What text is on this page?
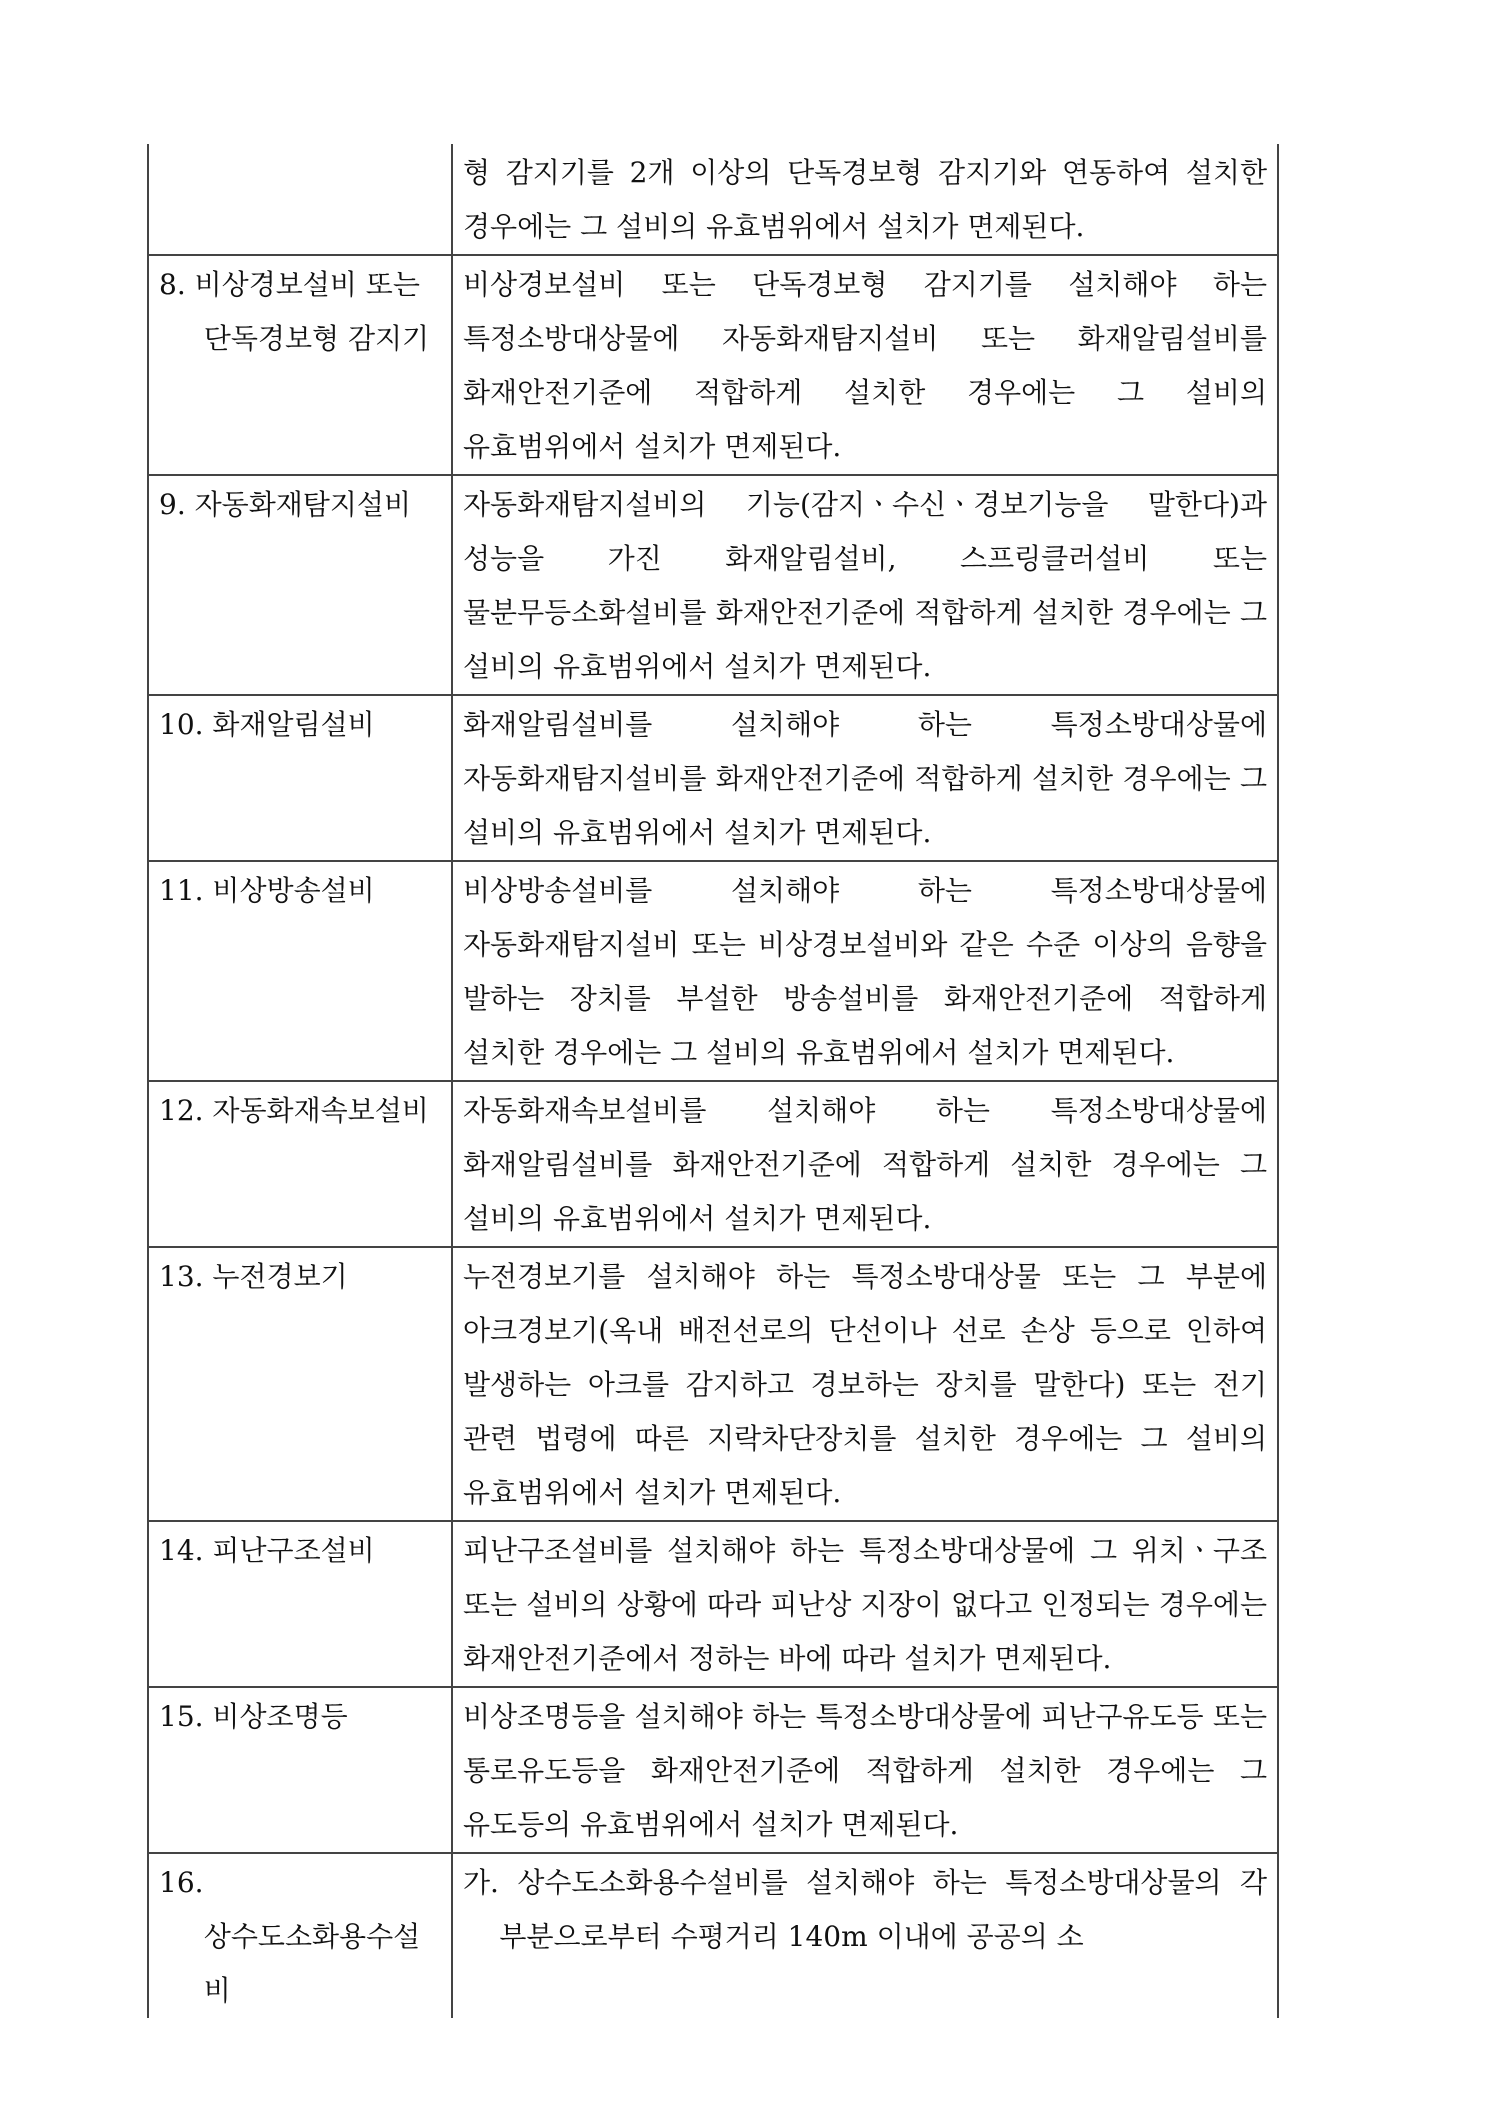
	형 감지기를 2개 이상의 단독경보형 감지기와 연동하여 설치한 경우에는 그 설비의 유효범위에서 설치가 면제된다.

8. 비상경보설비 또는 단독경보형 감지기	비상경보설비 또는 단독경보형 감지기를 설치해야 하는 특정소방대상물에 자동화재탐지설비 또는 화재알림설비를 화재안전기준에 적합하게 설치한 경우에는 그 설비의 유효범위에서 설치가 면제된다.

9. 자동화재탐지설비	자동화재탐지설비의 기능(감지ㆍ수신ㆍ경보기능을 말한다)과 성능을 가진 화재알림설비, 스프링클러설비 또는 물분무등소화설비를 화재안전기준에 적합하게 설치한 경우에는 그 설비의 유효범위에서 설치가 면제된다.

10. 화재알림설비	화재알림설비를 설치해야 하는 특정소방대상물에 자동화재탐지설비를 화재안전기준에 적합하게 설치한 경우에는 그 설비의 유효범위에서 설치가 면제된다.

11. 비상방송설비	비상방송설비를 설치해야 하는 특정소방대상물에 자동화재탐지설비 또는 비상경보설비와 같은 수준 이상의 음향을 발하는 장치를 부설한 방송설비를 화재안전기준에 적합하게 설치한 경우에는 그 설비의 유효범위에서 설치가 면제된다.

12. 자동화재속보설비	자동화재속보설비를 설치해야 하는 특정소방대상물에 화재알림설비를 화재안전기준에 적합하게 설치한 경우에는 그 설비의 유효범위에서 설치가 면제된다.

13. 누전경보기	누전경보기를 설치해야 하는 특정소방대상물 또는 그 부분에 아크경보기(옥내 배전선로의 단선이나 선로 손상 등으로 인하여 발생하는 아크를 감지하고 경보하는 장치를 말한다) 또는 전기 관련 법령에 따른 지락차단장치를 설치한 경우에는 그 설비의 유효범위에서 설치가 면제된다.

14. 피난구조설비	피난구조설비를 설치해야 하는 특정소방대상물에 그 위치ㆍ구조 또는 설비의 상황에 따라 피난상 지장이 없다고 인정되는 경우에는 화재안전기준에서 정하는 바에 따라 설치가 면제된다.

15. 비상조명등	비상조명등을 설치해야 하는 특정소방대상물에 피난구유도등 또는 통로유도등을 화재안전기준에 적합하게 설치한 경우에는 그 유도등의 유효범위에서 설치가 면제된다.

16. 상수도소화용수설비	가. 상수도소화용수설비를 설치해야 하는 특정소방대상물의 각 부분으로부터 수평거리 140m 이내에 공공의 소
